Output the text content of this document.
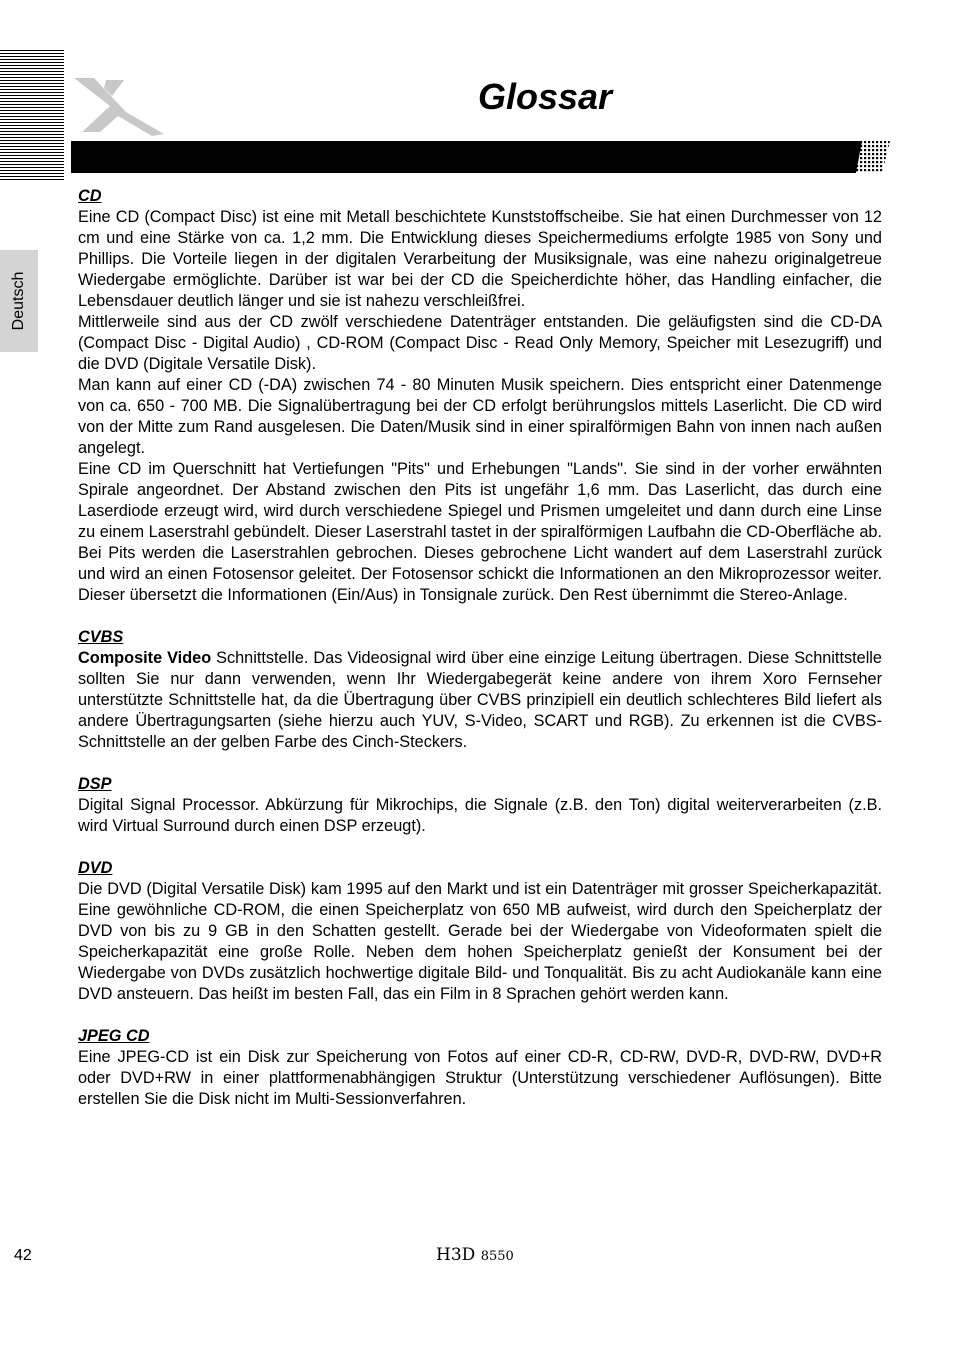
Glossar
Deutsch
CD

Eine CD (Compact Disc) ist eine mit Metall beschichtete Kunststoffscheibe. Sie hat einen Durchmesser von 12 cm und eine Stärke von ca. 1,2 mm. Die Entwicklung dieses Speichermediums erfolgte 1985 von Sony und Phillips. Die Vorteile liegen in der digitalen Verarbeitung der Musiksignale, was eine nahezu originalgetreue Wiedergabe ermöglichte. Darüber ist war bei der CD die Speicherdichte höher, das Handling einfacher, die Lebensdauer deutlich länger und sie ist nahezu verschleißfrei.

Mittlerweile sind aus der CD zwölf verschiedene Datenträger entstanden. Die geläufigsten sind die CD-DA (Compact Disc - Digital Audio) , CD-ROM (Compact Disc - Read Only Memory, Speicher mit Lesezugriff) und die DVD (Digitale Versatile Disk).

Man kann auf einer CD (-DA) zwischen 74 - 80 Minuten Musik speichern. Dies entspricht einer Datenmenge von ca. 650 - 700 MB. Die Signalübertragung bei der CD erfolgt berührungslos mittels Laserlicht. Die CD wird von der Mitte zum Rand ausgelesen. Die Daten/Musik sind in einer spiralförmigen Bahn von innen nach außen angelegt.

Eine CD im Querschnitt hat Vertiefungen "Pits" und Erhebungen "Lands". Sie sind in der vorher erwähnten Spirale angeordnet. Der Abstand zwischen den Pits ist ungefähr 1,6 mm. Das Laserlicht, das durch eine Laserdiode erzeugt wird, wird durch verschiedene Spiegel und Prismen umgeleitet und dann durch eine Linse zu einem Laserstrahl gebündelt. Dieser Laserstrahl tastet in der spiralförmigen Laufbahn die CD-Oberfläche ab. Bei Pits werden die Laserstrahlen gebrochen. Dieses gebrochene Licht wandert auf dem Laserstrahl zurück und wird an einen Fotosensor geleitet. Der Fotosensor schickt die Informationen an den Mikroprozessor weiter. Dieser übersetzt die Informationen (Ein/Aus) in Tonsignale zurück. Den Rest übernimmt die Stereo-Anlage.

CVBS

Composite Video Schnittstelle. Das Videosignal wird über eine einzige Leitung übertragen. Diese Schnittstelle sollten Sie nur dann verwenden, wenn Ihr Wiedergabegerät keine andere von ihrem Xoro Fernseher unterstützte Schnittstelle hat, da die Übertragung über CVBS prinzipiell ein deutlich schlechteres Bild liefert als andere Übertragungsarten (siehe hierzu auch YUV, S-Video, SCART und RGB). Zu erkennen ist die CVBS-Schnittstelle an der gelben Farbe des Cinch-Steckers.

DSP

Digital Signal Processor. Abkürzung für Mikrochips, die Signale (z.B. den Ton) digital weiterverarbeiten (z.B. wird Virtual Surround durch einen DSP erzeugt).

DVD

Die DVD (Digital Versatile Disk) kam 1995 auf den Markt und ist ein Datenträger mit grosser Speicherkapazität. Eine gewöhnliche CD-ROM, die einen Speicherplatz von 650 MB aufweist, wird durch den Speicherplatz der DVD von bis zu 9 GB in den Schatten gestellt. Gerade bei der Wiedergabe von Videoformaten spielt die Speicherkapazität eine große Rolle. Neben dem hohen Speicherplatz genießt der Konsument bei der Wiedergabe von DVDs zusätzlich hochwertige digitale Bild- und Tonqualität. Bis zu acht Audiokanäle kann eine DVD ansteuern. Das heißt im besten Fall, das ein Film in 8 Sprachen gehört werden kann.

JPEG CD

Eine JPEG-CD ist ein Disk zur Speicherung von Fotos auf einer CD-R, CD-RW, DVD-R, DVD-RW, DVD+R oder DVD+RW in einer plattformenabhängigen Struktur (Unterstützung verschiedener Auflösungen). Bitte erstellen Sie die Disk nicht im Multi-Sessionverfahren.

42	H3D 8550
